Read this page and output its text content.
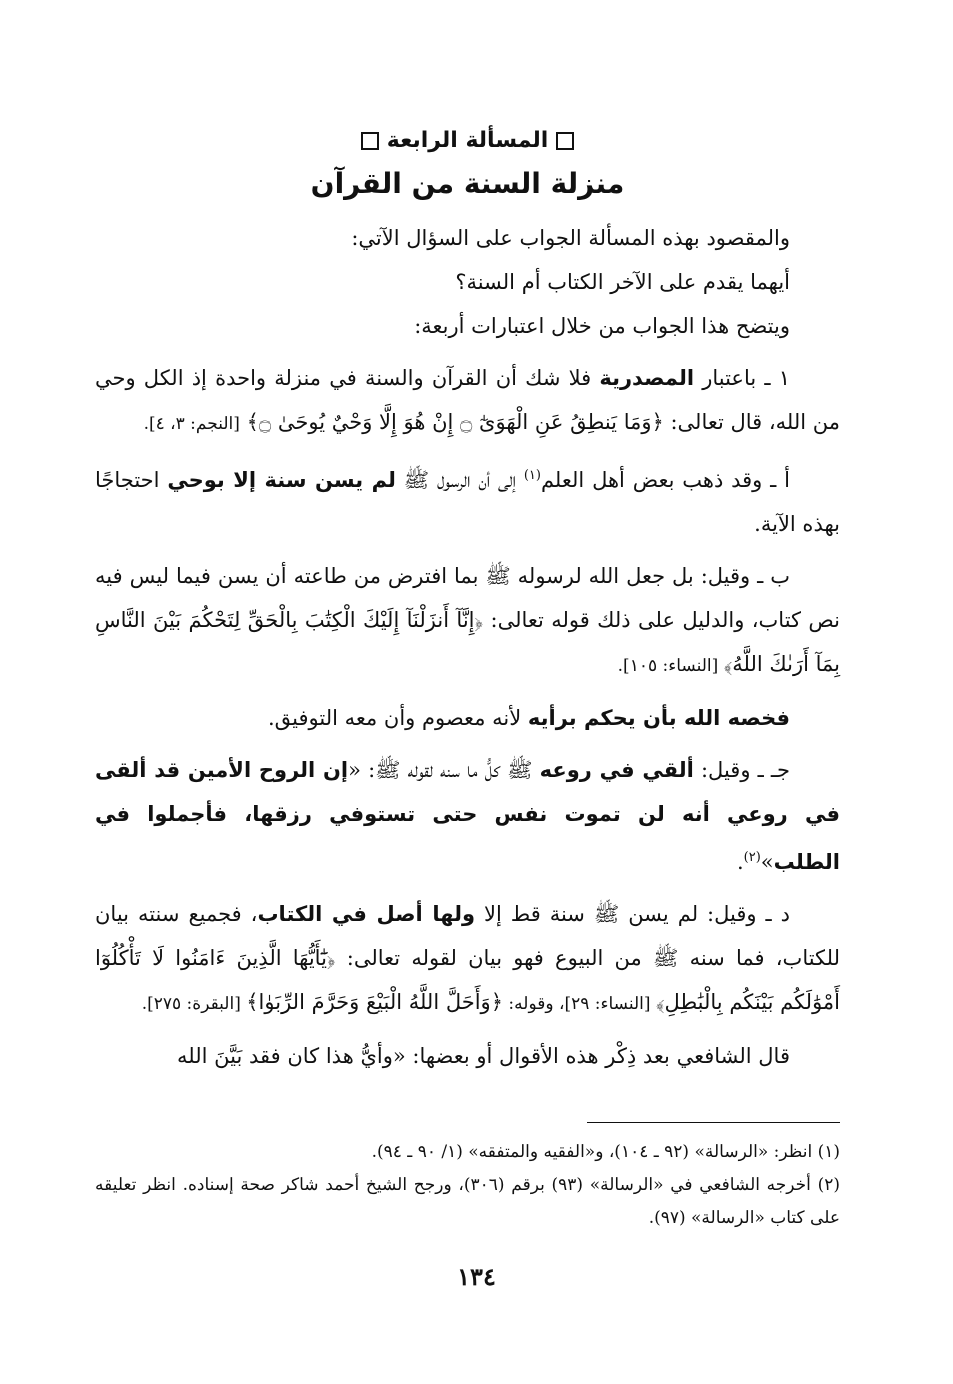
المسألة الرابعة
منزلة السنة من القرآن

والمقصود بهذه المسألة الجواب على السؤال الآتي:

أيهما يقدم على الآخر الكتاب أم السنة؟

ويتضح هذا الجواب من خلال اعتبارات أربعة:

١ ـ باعتبار المصدرية فلا شك أن القرآن والسنة في منزلة واحدة إذ الكل وحي من الله، قال تعالى: ﴿وَمَا يَنطِقُ عَنِ الْهَوَىٰٓ ۝ إِنْ هُوَ إِلَّا وَحْيٌ يُوحَىٰ ۝﴾ [النجم: ٣، ٤].

أ ـ وقد ذهب بعض أهل العلم$^{(١)}$ إلى أن الرسول ﷺ لم يسن سنة إلا بوحي احتجاجًا بهذه الآية.

ب ـ وقيل: بل جعل الله لرسوله ﷺ بما افترض من طاعته أن يسن فيما ليس فيه نص كتاب، والدليل على ذلك قوله تعالى: ﴿إِنَّآ أَنزَلْنَآ إِلَيْكَ الْكِتَٰبَ بِالْحَقِّ لِتَحْكُمَ بَيْنَ النَّاسِ بِمَآ أَرَىٰكَ اللَّهُ﴾ [النساء: ١٠٥].

فخصه الله بأن يحكم برأيه لأنه معصوم وأن معه التوفيق.

جـ ـ وقيل: ألقي في روعه ﷺ كلُّ ما سنه لقوله ﷺ: «إن الروح الأمين قد ألقى في روعي أنه لن تموت نفس حتى تستوفي رزقها، فأجملوا في الطلب»$^{(٢)}$.

د ـ وقيل: لم يسن ﷺ سنة قط إلا ولها أصل في الكتاب، فجميع سنته بيان للكتاب، فما سنه ﷺ من البيوع فهو بيان لقوله تعالى: ﴿يَٰٓأَيُّهَا الَّذِينَ ءَامَنُوا لَا تَأْكُلُوٓا أَمْوَٰلَكُم بَيْنَكُم بِالْبَٰطِلِ﴾ [النساء: ٢٩]، وقوله: ﴿وَأَحَلَّ اللَّهُ الْبَيْعَ وَحَرَّمَ الرِّبَوٰا﴾ [البقرة: ٢٧٥].

قال الشافعي بعد ذِكْر هذه الأقوال أو بعضها: «وأيُّ هذا كان فقد بَيَّنَ الله

(١) انظر: «الرسالة» (٩٢ ـ ١٠٤)، و«الفقيه والمتفقه» (١/ ٩٠ ـ ٩٤).

(٢) أخرجه الشافعي في «الرسالة» (٩٣) برقم (٣٠٦)، ورجح الشيخ أحمد شاكر صحة إسناده. انظر تعليقه على كتاب «الرسالة» (٩٧).

١٣٤
